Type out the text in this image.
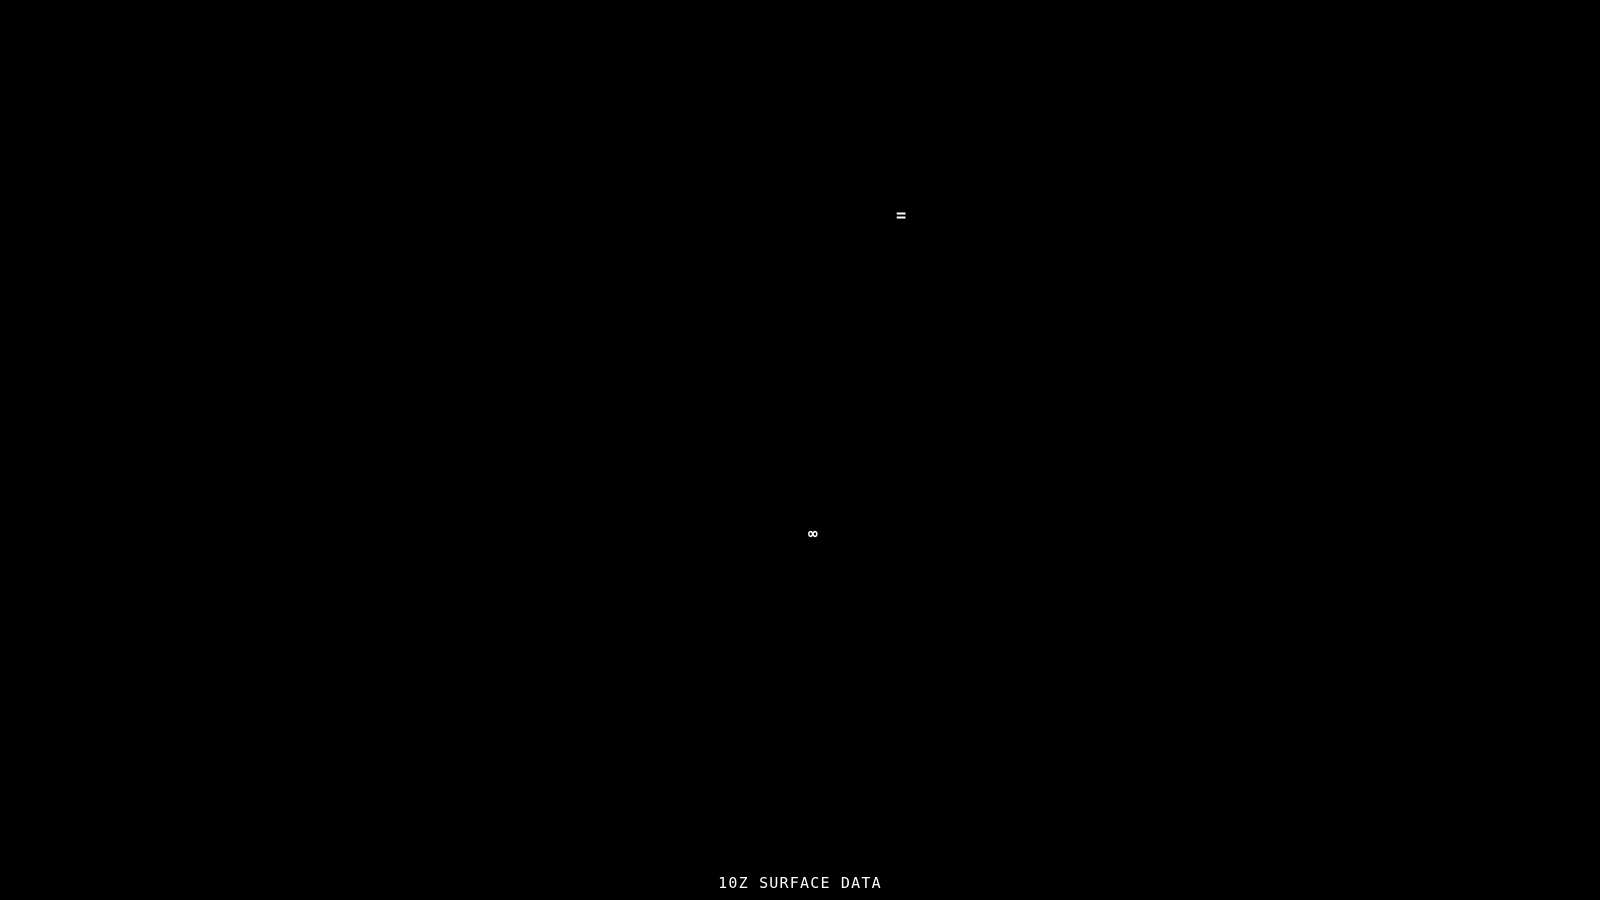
=
∞
10Z SURFACE DATA
